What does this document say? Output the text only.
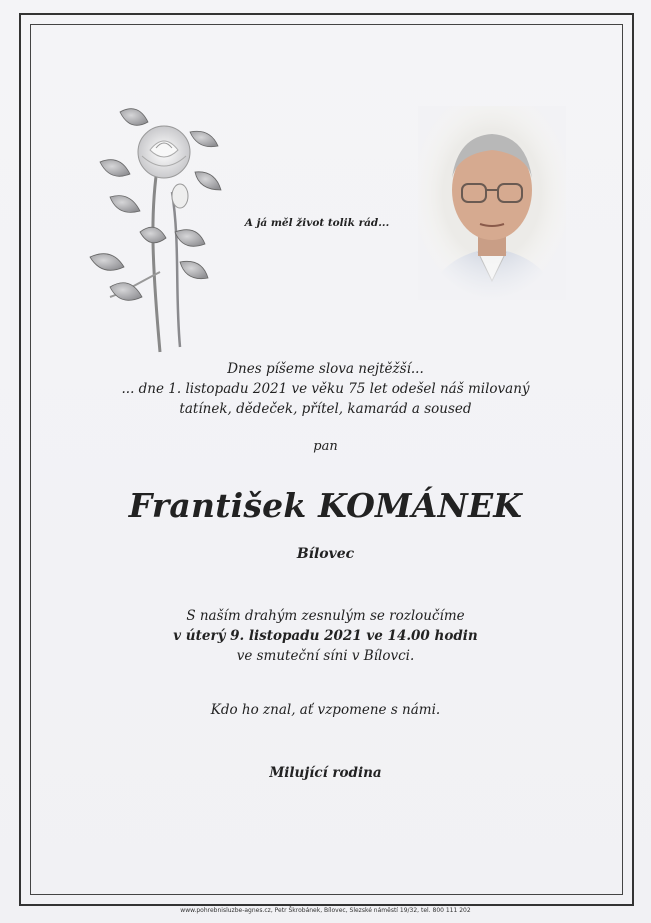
A já měl život tolik rád...
Dnes píšeme slova nejtěžší...
... dne 1. listopadu 2021 ve věku 75 let odešel náš milovaný
tatínek, dědeček, přítel, kamarád a soused
pan
František KOMÁNEK
Bílovec
S naším drahým zesnulým se rozloučíme
v úterý 9. listopadu 2021 ve 14.00 hodin
ve smuteční síni v Bílovci.
Kdo ho znal, ať vzpomene s námi.
Milující rodina
www.pohrebnisluzbe-agnes.cz, Petr Škrobánek, Bílovec, Slezské náměstí 19/32, tel. 800 111 202
